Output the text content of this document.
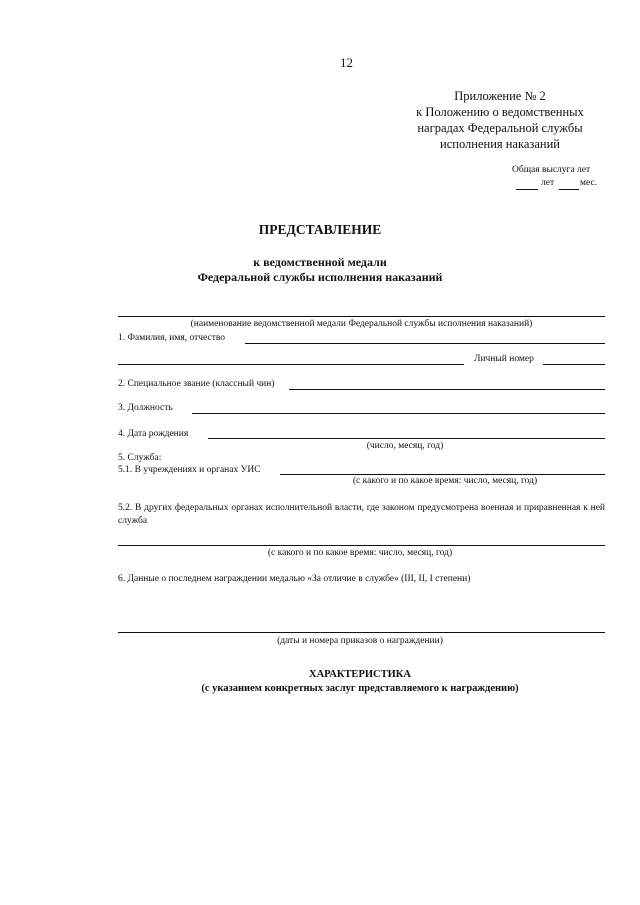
12
Приложение № 2
к Положению о ведомственных
наградах Федеральной службы
исполнения наказаний
Общая выслуга лет
лет	мес.
ПРЕДСТАВЛЕНИЕ
к ведомственной медали
Федеральной службы исполнения наказаний
(наименование ведомственной медали Федеральной службы исполнения наказаний)
1. Фамилия, имя, отчество
Личный номер
2. Специальное звание (классный чин)
3. Должность
4. Дата рождения
(число, месяц, год)
5. Служба:
5.1. В учреждениях и органах УИС
(с какого и по какое время: число, месяц, год)
5.2. В других федеральных органах исполнительной власти, где законом предусмотрена военная и приравненная к ней служба
(с какого и по какое время: число, месяц, год)
6. Данные о последнем награждении медалью «За отличие в службе» (III, II, I степени)
(даты и номера приказов о награждении)
ХАРАКТЕРИСТИКА
(с указанием конкретных заслуг представляемого к награждению)
